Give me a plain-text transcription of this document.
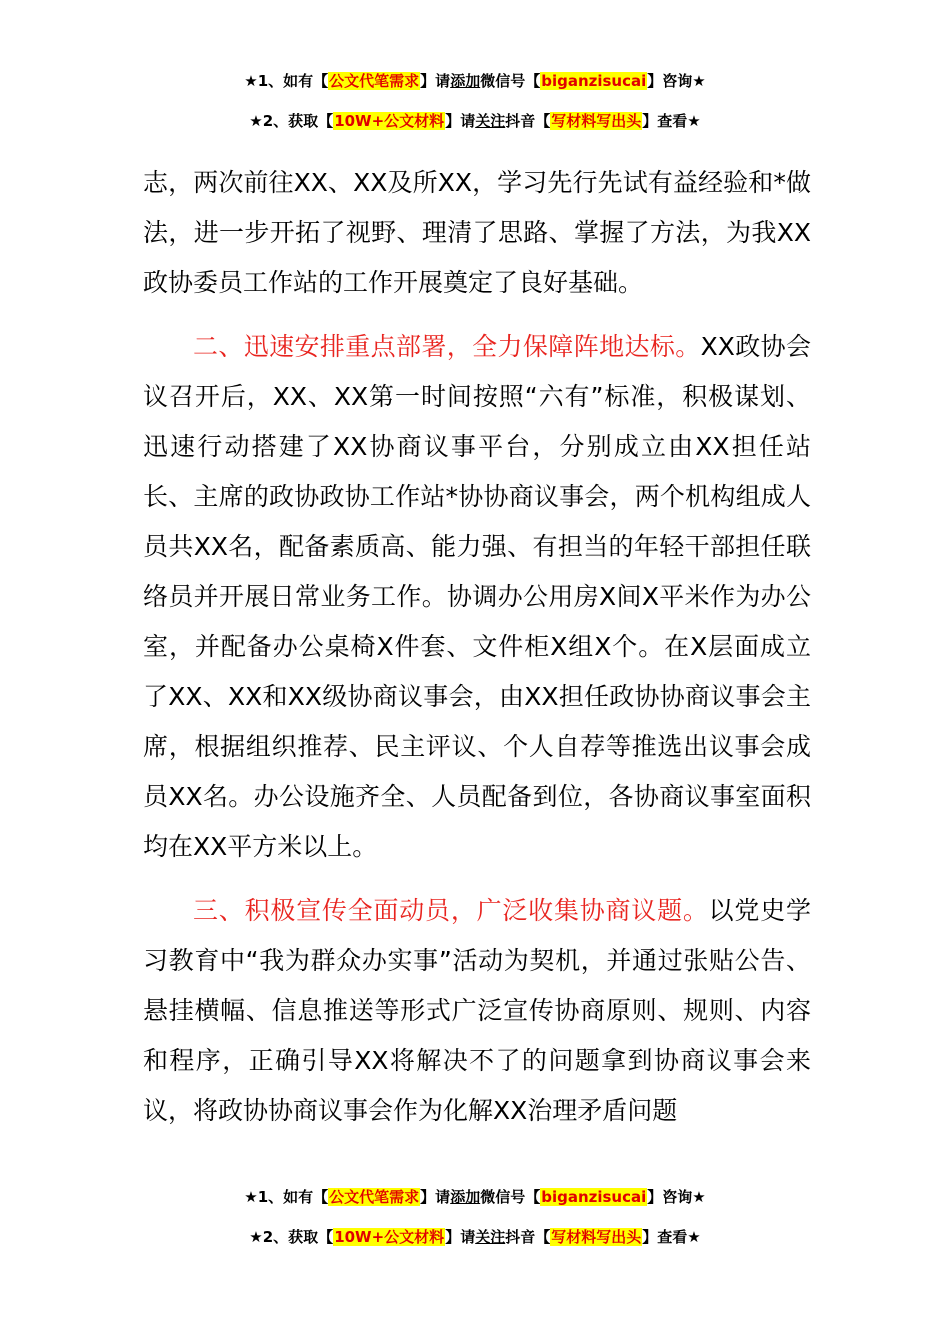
★1、如有【公文代笔需求】请添加微信号【biganzisucai】咨询★
★2、获取【10W+公文材料】请关注抖音【写材料写出头】查看★

志，两次前往XX、XX及所XX，学习先行先试有益经验和*做法，进一步开拓了视野、理清了思路、掌握了方法，为我XX政协委员工作站的工作开展奠定了良好基础。

二、迅速安排重点部署，全力保障阵地达标。XX政协会议召开后，XX、XX第一时间按照“六有”标准，积极谋划、迅速行动搭建了XX协商议事平台，分别成立由XX担任站长、主席的政协政协工作站*协协商议事会，两个机构组成人员共XX名，配备素质高、能力强、有担当的年轻干部担任联络员并开展日常业务工作。协调办公用房X间X平米作为办公室，并配备办公桌椅X件套、文件柜X组X个。在X层面成立了XX、XX和XX级协商议事会，由XX担任政协协商议事会主席，根据组织推荐、民主评议、个人自荐等推选出议事会成员XX名。办公设施齐全、人员配备到位，各协商议事室面积均在XX平方米以上。

三、积极宣传全面动员，广泛收集协商议题。以党史学习教育中“我为群众办实事”活动为契机，并通过张贴公告、悬挂横幅、信息推送等形式广泛宣传协商原则、规则、内容和程序，正确引导XX将解决不了的问题拿到协商议事会来议，将政协协商议事会作为化解XX治理矛盾问题

★1、如有【公文代笔需求】请添加微信号【biganzisucai】咨询★
★2、获取【10W+公文材料】请关注抖音【写材料写出头】查看★
